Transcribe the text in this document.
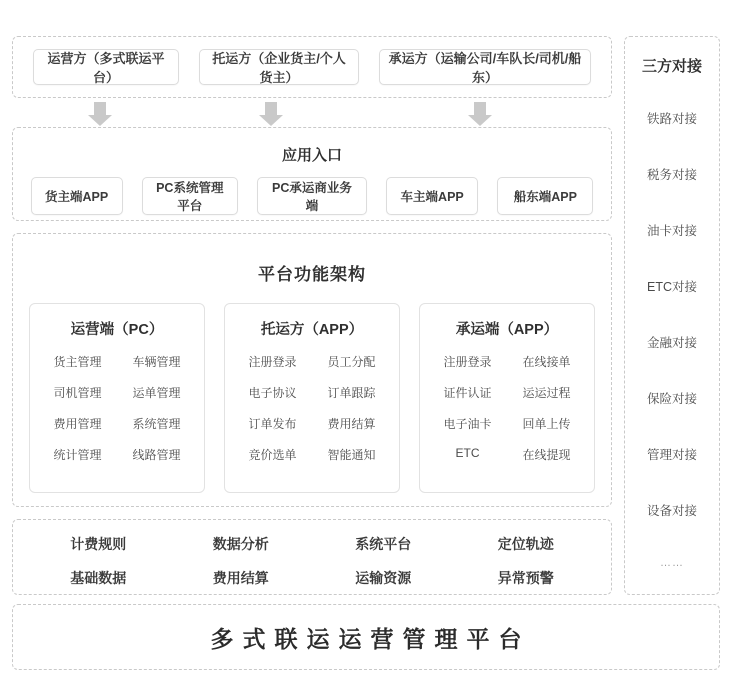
运营方（多式联运平台）
托运方（企业货主/个人货主）
承运方（运输公司/车队长/司机/船东）
应用入口
货主端APP
PC系统管理平台
PC承运商业务端
车主端APP	船东端APP
平台功能架构
运营端（PC）
货主管理	车辆管理
司机管理	运单管理
费用管理	系统管理
统计管理	线路管理
托运方（APP）
注册登录	员工分配
电子协议	订单跟踪
订单发布	费用结算
竞价选单	智能通知
承运端（APP）
注册登录	在线接单
证件认证	运运过程
电子油卡	回单上传
ETC	在线提现
计费规则	数据分析	系统平台	定位轨迹
基础数据	费用结算	运输资源	异常预警
三方对接
铁路对接
税务对接
油卡对接
ETC对接
金融对接
保险对接
管理对接
设备对接
……
多式联运运营管理平台
